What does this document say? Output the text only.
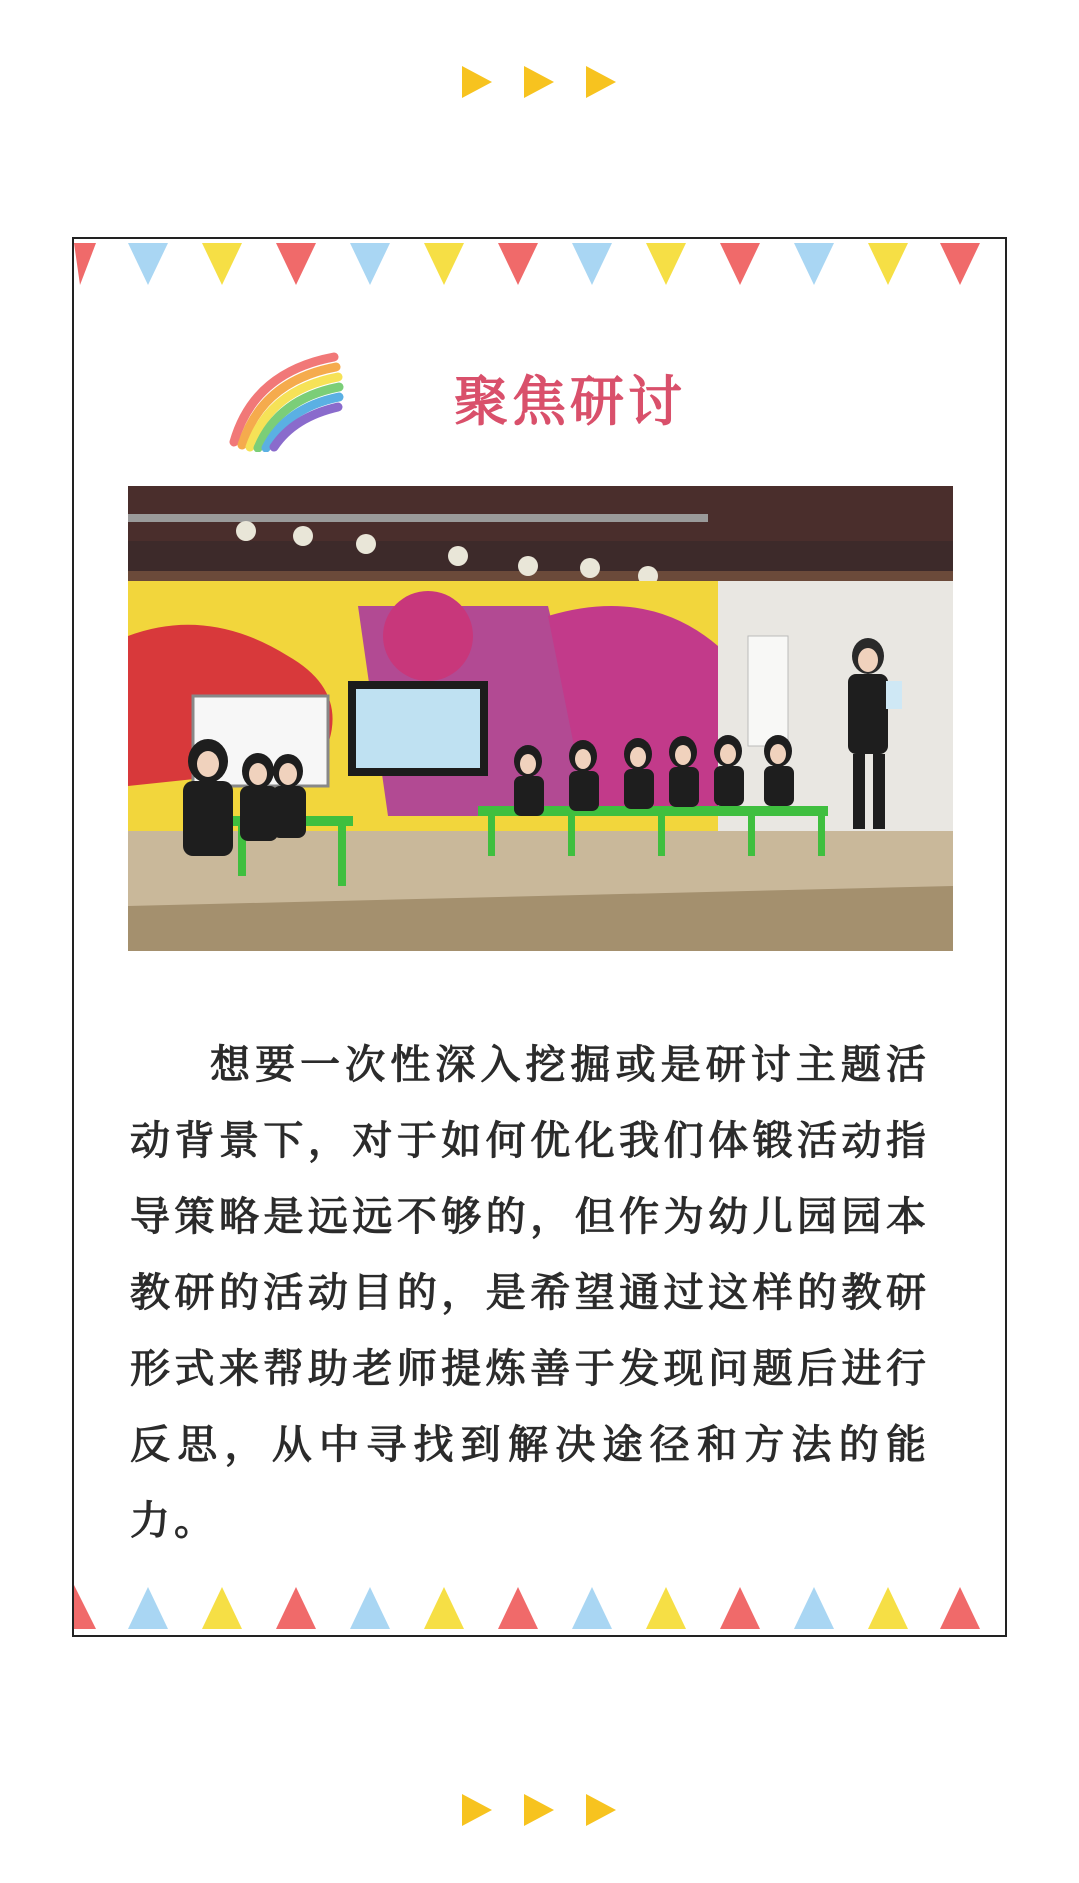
聚焦研讨
想要一次性深入挖掘或是研讨主题活动背景下，对于如何优化我们体锻活动指导策略是远远不够的，但作为幼儿园园本教研的活动目的，是希望通过这样的教研形式来帮助老师提炼善于发现问题后进行反思，从中寻找到解决途径和方法的能力。
